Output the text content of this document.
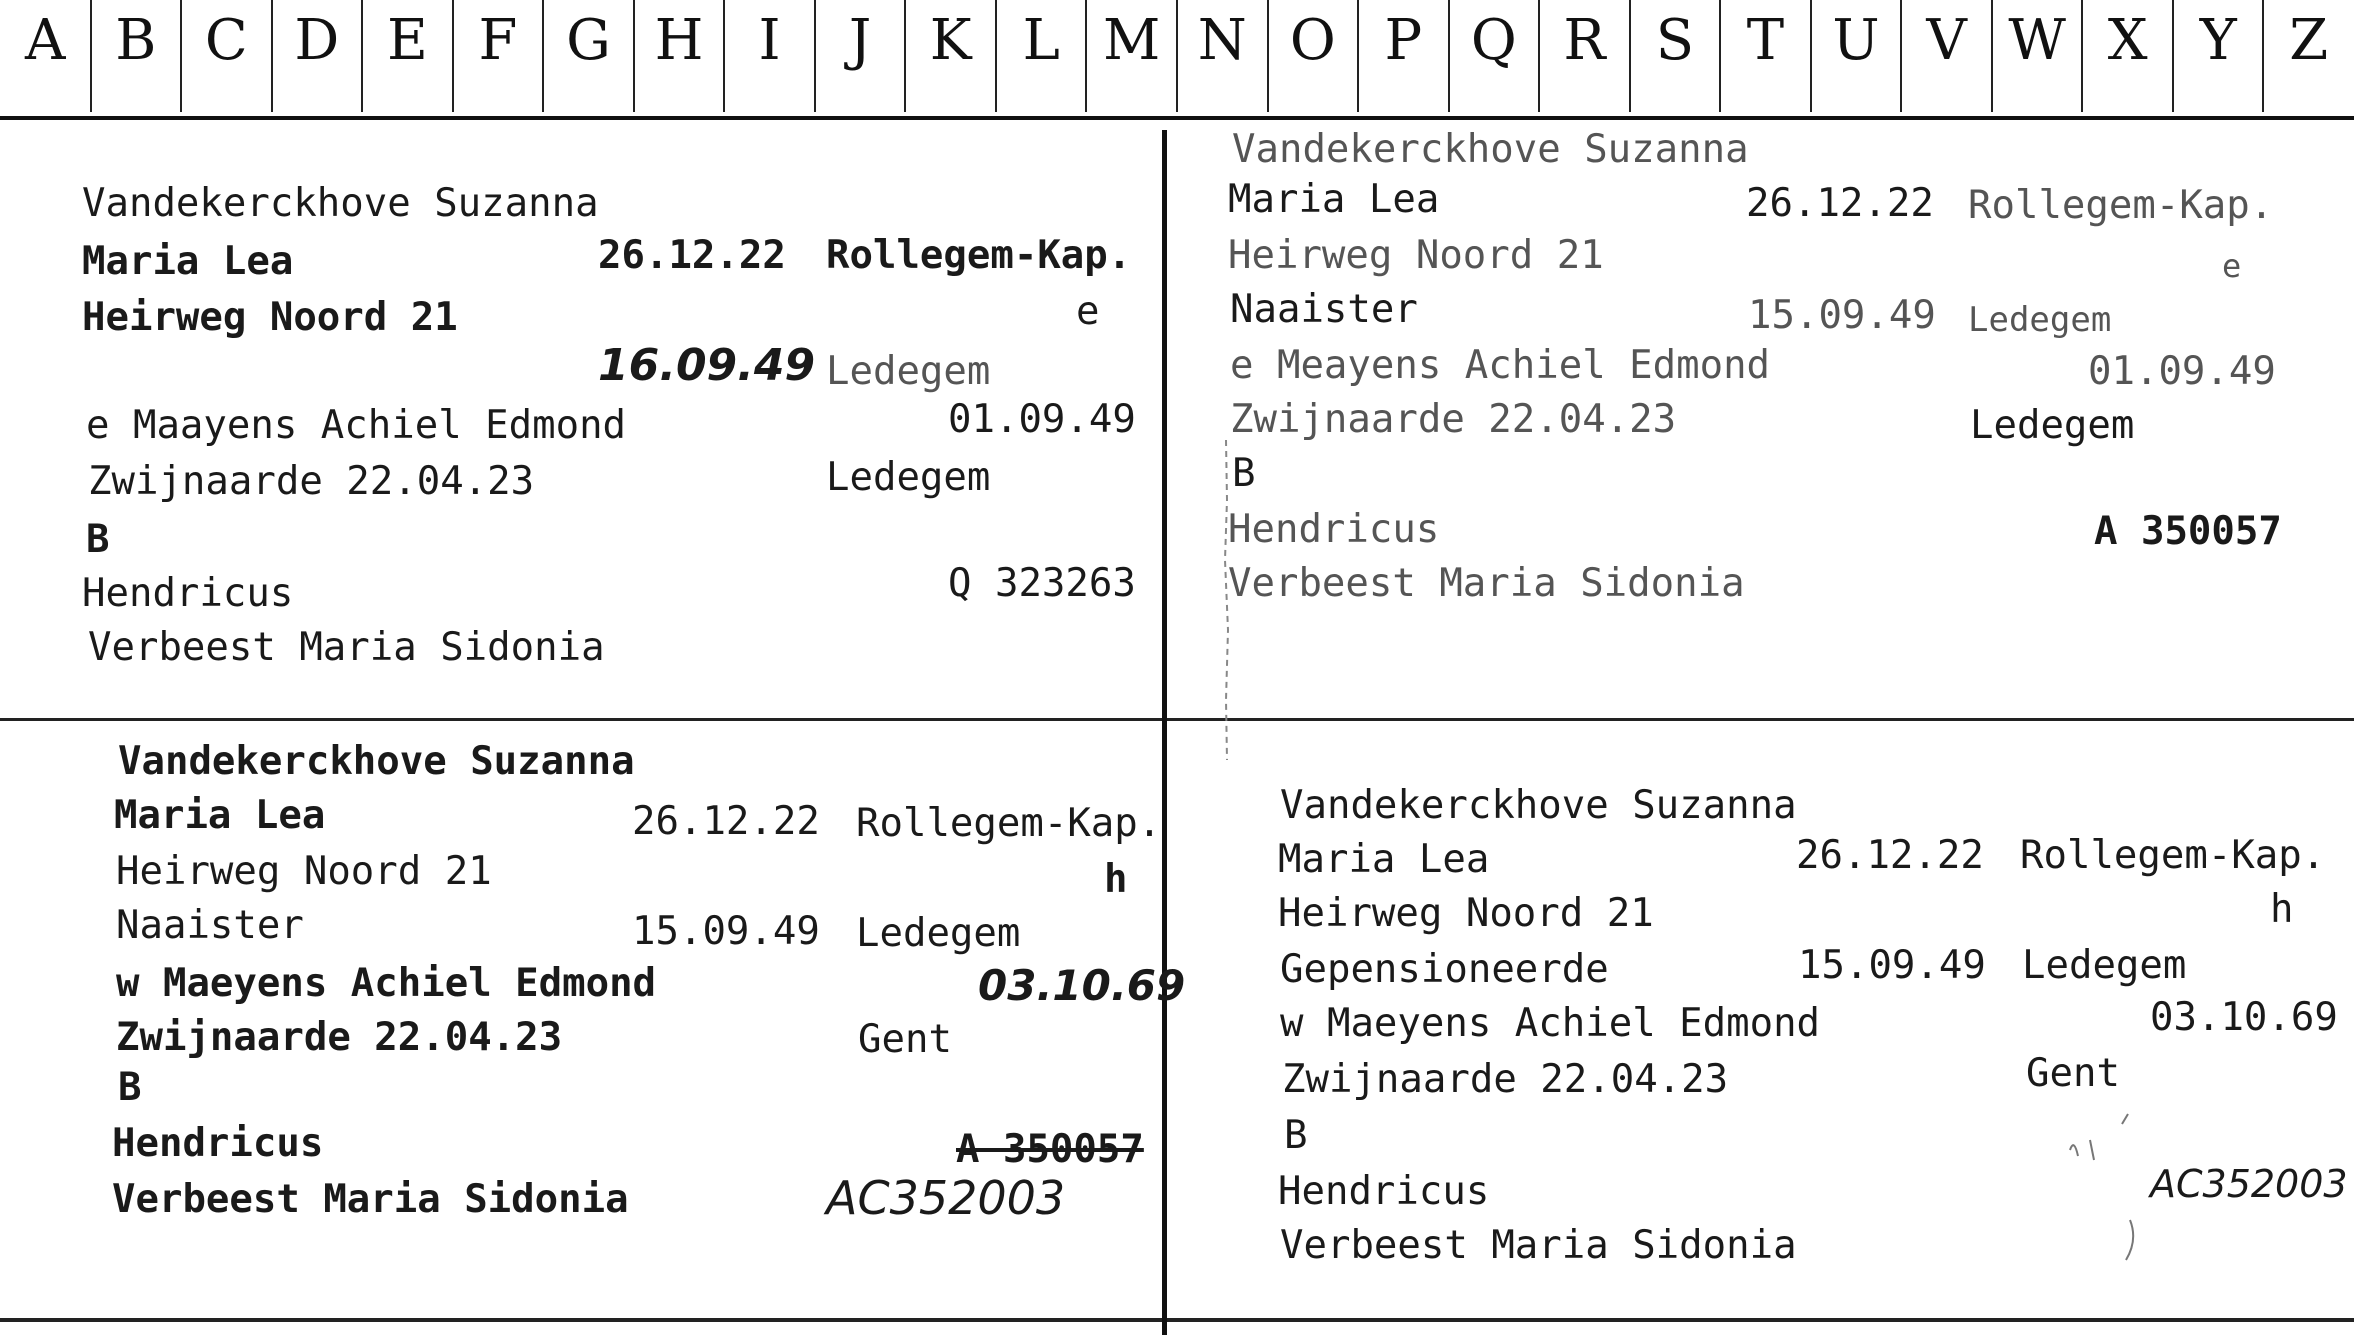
A B C D E F G H I	J	K L M N O P Q R S T U V W X Y Z
Vandekerckhove Suzanna
Maria Lea	26.12.22 Rollegem-Kap.
Heirweg Noord 21	e
16.09.49 Ledegem
e Maayens Achiel Edmond	01.09.49
Zwijnaarde 22.04.23	Ledegem
B
Hendricus	Q 323263
Verbeest Maria Sidonia
Vandekerckhove Suzanna
Maria Lea	26.12.22 Rollegem-Kap.
Heirweg Noord 21	e
Naaister	15.09.49 Ledegem
e Meayens Achiel Edmond	01.09.49
Zwijnaarde 22.04.23	Ledegem
B
Hendricus	A 350057
Verbeest Maria Sidonia
Vandekerckhove Suzanna
Maria Lea	26.12.22 Rollegem-Kap.
Heirweg Noord 21	h
Naaister	15.09.49 Ledegem
w Maeyens Achiel Edmond	03.10.69
Zwijnaarde 22.04.23	Gent
B
Hendricus	A 350057
Verbeest Maria Sidonia	AC352003
Vandekerckhove Suzanna
Maria Lea	26.12.22 Rollegem-Kap.
Heirweg Noord 21	h
Gepensioneerde	15.09.49 Ledegem
w Maeyens Achiel Edmond	03.10.69
Zwijnaarde 22.04.23	Gent
B
Hendricus	AC352003
Verbeest Maria Sidonia
